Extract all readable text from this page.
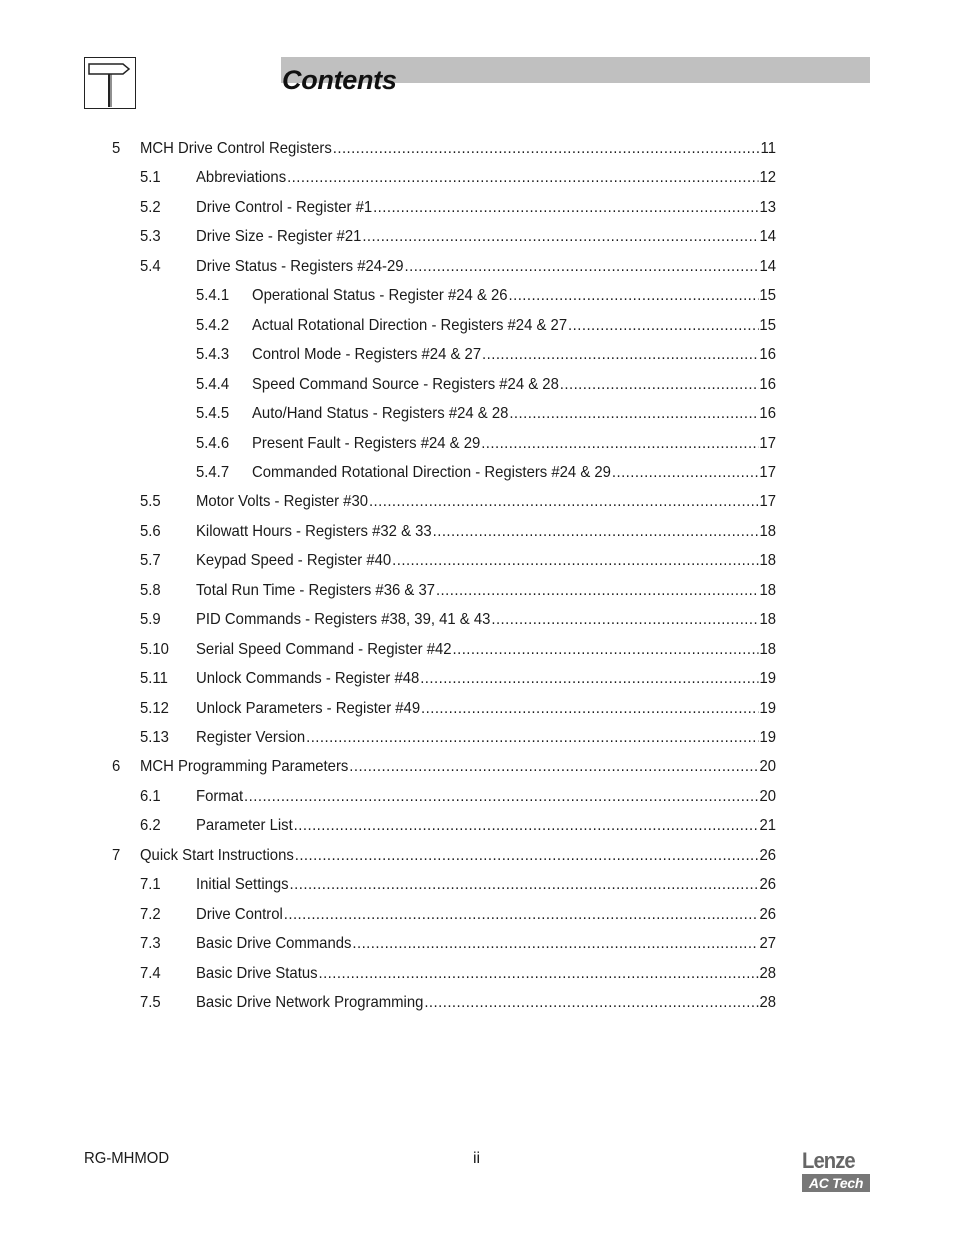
Contents
5 MCH Drive Control Registers .....	11
5.1 Abbreviations .....	12
5.2 Drive Control - Register #1 .....	13
5.3 Drive Size - Register #21 .....	14
5.4 Drive Status - Registers #24-29 .....	14
5.4.1 Operational Status - Register #24 & 26 .....	15
5.4.2 Actual Rotational Direction - Registers #24 & 27 .....	15
5.4.3 Control Mode - Registers #24 & 27 .....	16
5.4.4 Speed Command Source - Registers #24 & 28 .....	16
5.4.5 Auto/Hand Status - Registers #24 & 28 .....	16
5.4.6 Present Fault - Registers #24 & 29 .....	17
5.4.7 Commanded Rotational Direction - Registers #24 & 29 .....	17
5.5 Motor Volts - Register #30 .....	17
5.6 Kilowatt Hours - Registers #32 & 33 .....	18
5.7 Keypad Speed - Register #40 .....	18
5.8 Total Run Time - Registers #36 & 37 .....	18
5.9 PID Commands - Registers #38, 39, 41 & 43 .....	18
5.10 Serial Speed Command - Register #42 .....	18
5.11 Unlock Commands - Register #48 .....	19
5.12 Unlock Parameters - Register #49 .....	19
5.13 Register Version .....	19
6 MCH Programming Parameters .....	20
6.1 Format .....	20
6.2 Parameter List .....	21
7 Quick Start Instructions .....	26
7.1 Initial Settings .....	26
7.2 Drive Control .....	26
7.3 Basic Drive Commands .....	27
7.4 Basic Drive Status .....	28
7.5 Basic Drive Network Programming .....	28
RG-MHMOD	ii	Lenze
AC Tech
